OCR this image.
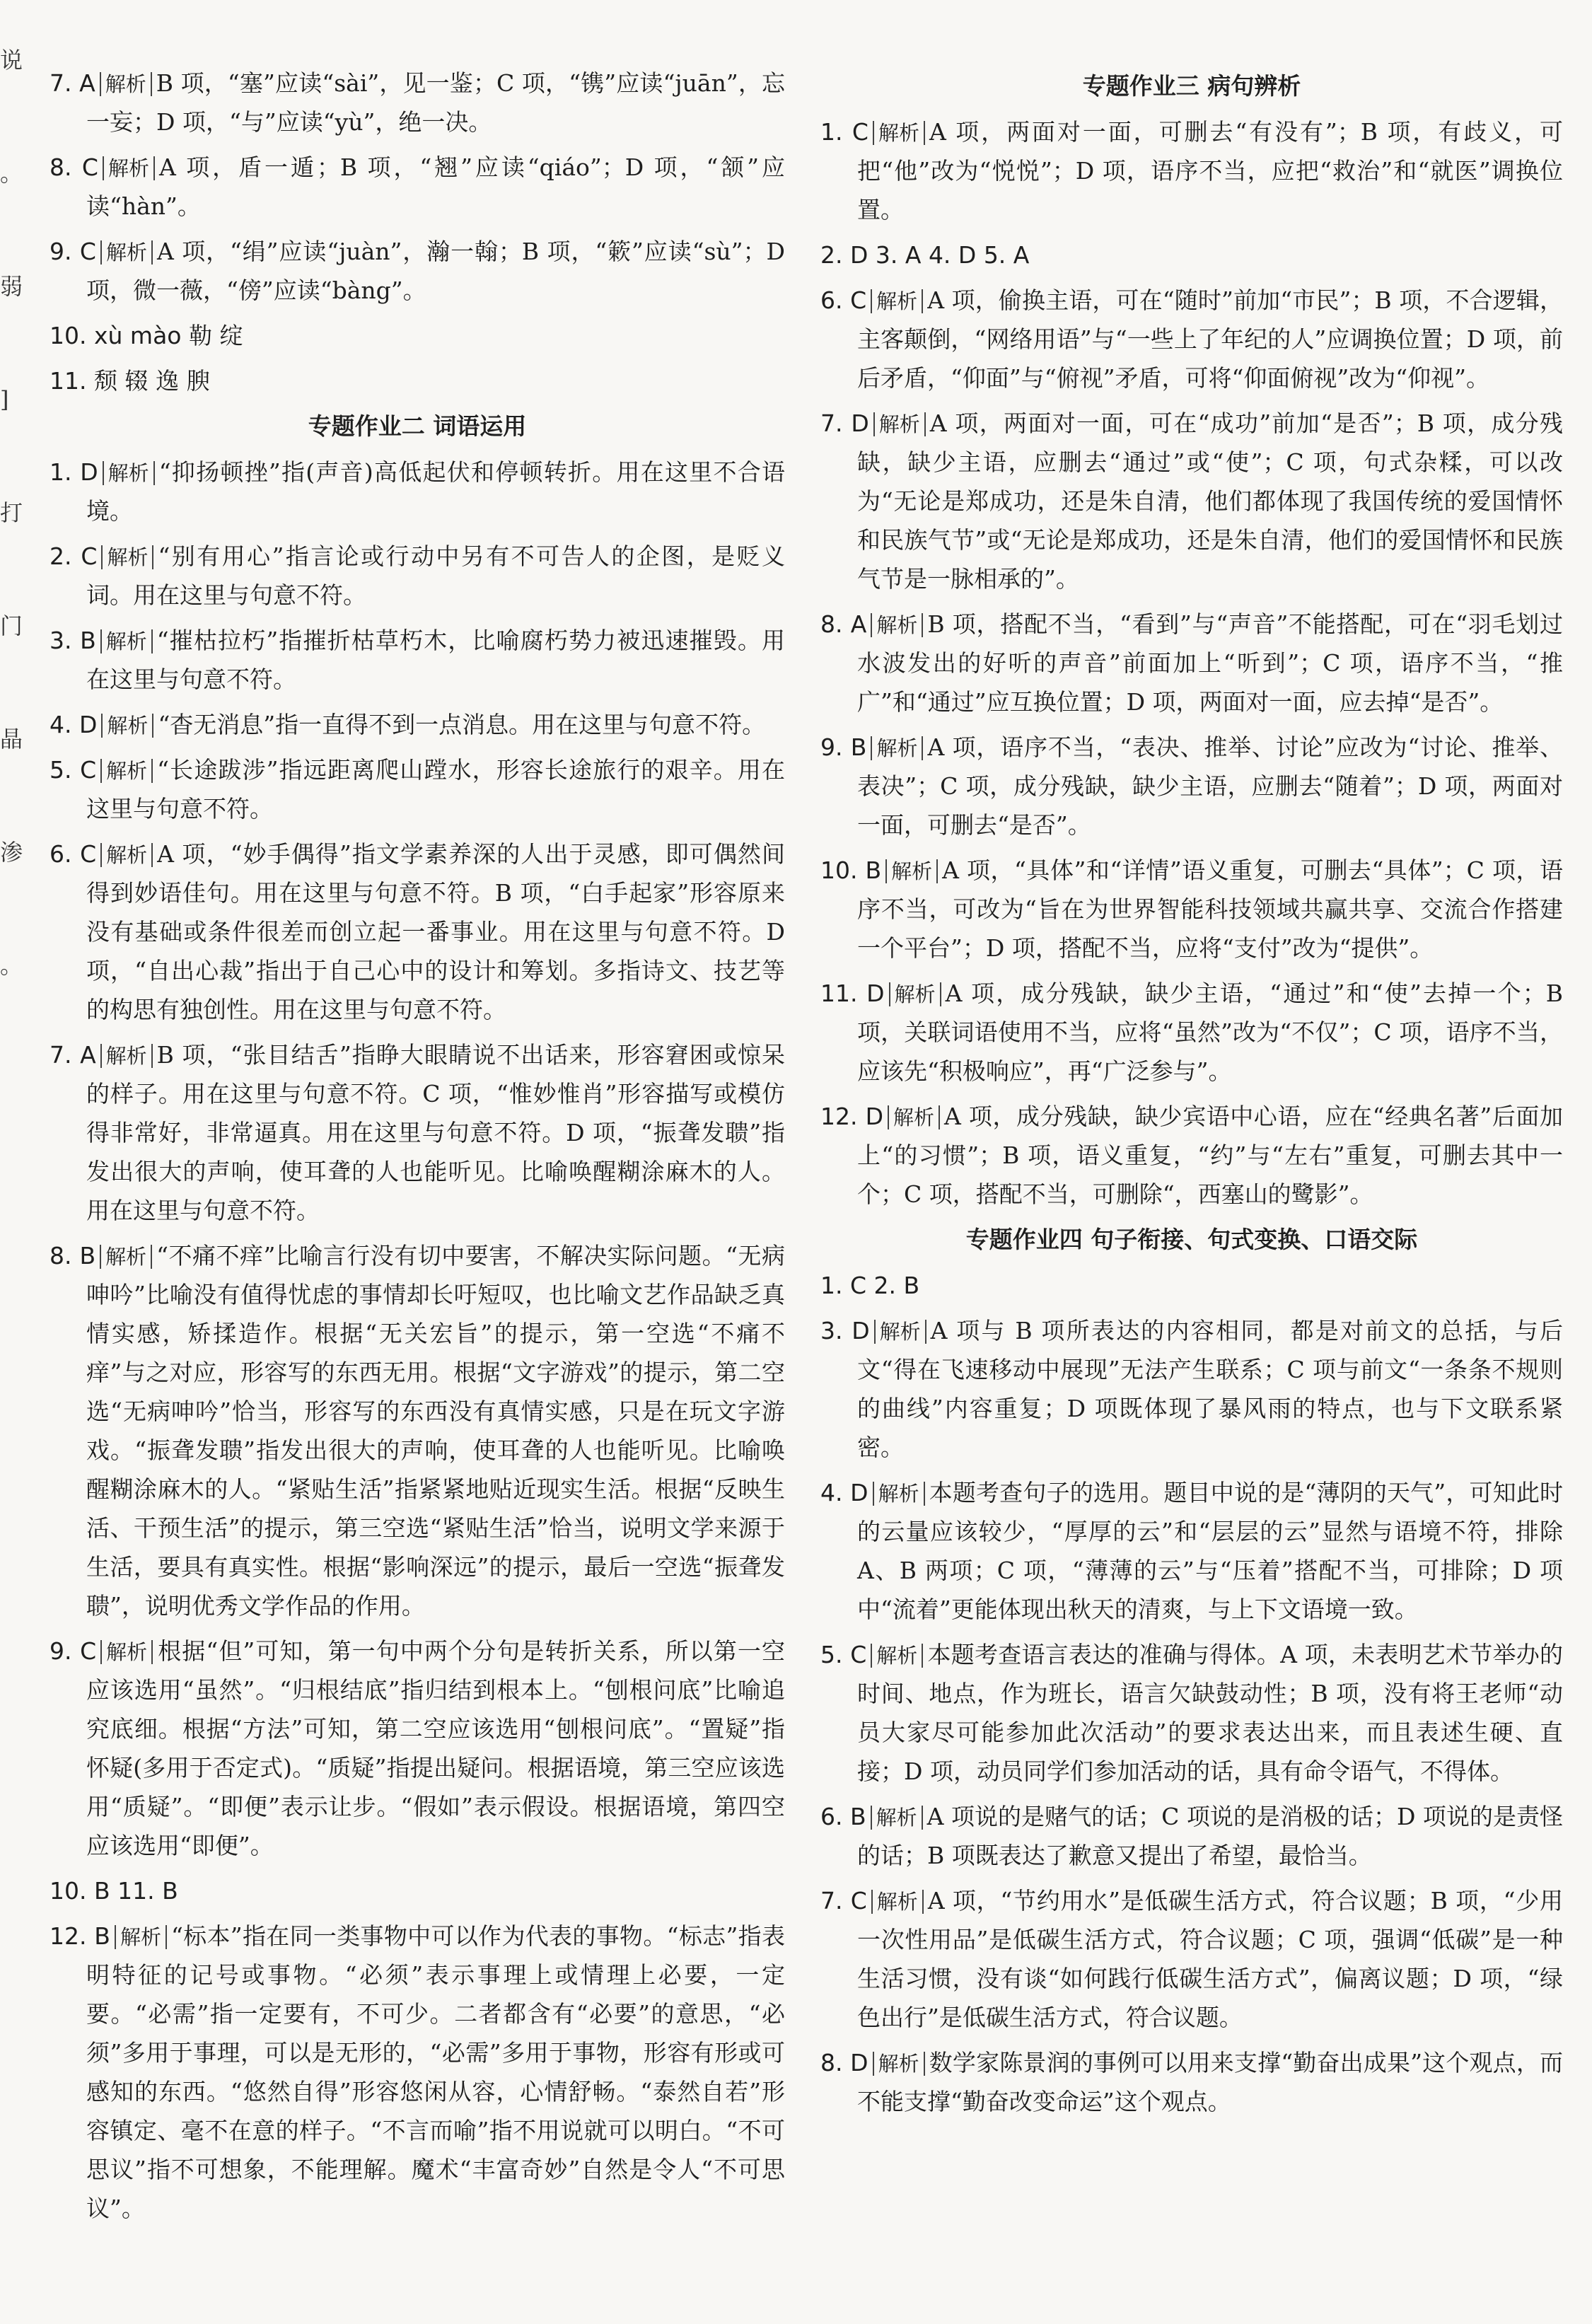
说
。
弱
]
打
门
晶
渗
。
7. A 解析 B 项，“塞”应读“sài”，见一鉴；C 项，“镌”应读“juān”，忘一妄；D 项，“与”应读“yù”，绝一决。
8. C 解析 A 项，盾一遁；B 项，“翘”应读“qiáo”；D 项，“颔”应读“hàn”。
9. C 解析 A 项，“绢”应读“juàn”，瀚一翰；B 项，“簌”应读“sù”；D 项，微一薇，“傍”应读“bàng”。
10. xù mào 勒 绽
11. 颓 辍 逸 腴
专题作业二 词语运用
1. D 解析 “抑扬顿挫”指(声音)高低起伏和停顿转折。用在这里不合语境。
2. C 解析 “别有用心”指言论或行动中另有不可告人的企图，是贬义词。用在这里与句意不符。
3. B 解析 “摧枯拉朽”指摧折枯草朽木，比喻腐朽势力被迅速摧毁。用在这里与句意不符。
4. D 解析 “杳无消息”指一直得不到一点消息。用在这里与句意不符。
5. C 解析 “长途跋涉”指远距离爬山蹚水，形容长途旅行的艰辛。用在这里与句意不符。
6. C 解析 A 项，“妙手偶得”指文学素养深的人出于灵感，即可偶然间得到妙语佳句。用在这里与句意不符。B 项，“白手起家”形容原来没有基础或条件很差而创立起一番事业。用在这里与句意不符。D 项，“自出心裁”指出于自己心中的设计和筹划。多指诗文、技艺等的构思有独创性。用在这里与句意不符。
7. A 解析 B 项，“张目结舌”指睁大眼睛说不出话来，形容窘困或惊呆的样子。用在这里与句意不符。C 项，“惟妙惟肖”形容描写或模仿得非常好，非常逼真。用在这里与句意不符。D 项，“振聋发聩”指发出很大的声响，使耳聋的人也能听见。比喻唤醒糊涂麻木的人。用在这里与句意不符。
8. B 解析 “不痛不痒”比喻言行没有切中要害，不解决实际问题。“无病呻吟”比喻没有值得忧虑的事情却长吁短叹，也比喻文艺作品缺乏真情实感，矫揉造作。根据“无关宏旨”的提示，第一空选“不痛不痒”与之对应，形容写的东西无用。根据“文字游戏”的提示，第二空选“无病呻吟”恰当，形容写的东西没有真情实感，只是在玩文字游戏。“振聋发聩”指发出很大的声响，使耳聋的人也能听见。比喻唤醒糊涂麻木的人。“紧贴生活”指紧紧地贴近现实生活。根据“反映生活、干预生活”的提示，第三空选“紧贴生活”恰当，说明文学来源于生活，要具有真实性。根据“影响深远”的提示，最后一空选“振聋发聩”，说明优秀文学作品的作用。
9. C 解析 根据“但”可知，第一句中两个分句是转折关系，所以第一空应该选用“虽然”。“归根结底”指归结到根本上。“刨根问底”比喻追究底细。根据“方法”可知，第二空应该选用“刨根问底”。“置疑”指怀疑(多用于否定式)。“质疑”指提出疑问。根据语境，第三空应该选用“质疑”。“即便”表示让步。“假如”表示假设。根据语境，第四空应该选用“即便”。
10. B 11. B
12. B 解析 “标本”指在同一类事物中可以作为代表的事物。“标志”指表明特征的记号或事物。“必须”表示事理上或情理上必要，一定要。“必需”指一定要有，不可少。二者都含有“必要”的意思，“必须”多用于事理，可以是无形的，“必需”多用于事物，形容有形或可感知的东西。“悠然自得”形容悠闲从容，心情舒畅。“泰然自若”形容镇定、毫不在意的样子。“不言而喻”指不用说就可以明白。“不可思议”指不可想象，不能理解。魔术“丰富奇妙”自然是令人“不可思议”。
专题作业三 病句辨析
1. C 解析 A 项，两面对一面，可删去“有没有”；B 项，有歧义，可把“他”改为“悦悦”；D 项，语序不当，应把“救治”和“就医”调换位置。
2. D 3. A 4. D 5. A
6. C 解析 A 项，偷换主语，可在“随时”前加“市民”；B 项，不合逻辑，主客颠倒，“网络用语”与“一些上了年纪的人”应调换位置；D 项，前后矛盾，“仰面”与“俯视”矛盾，可将“仰面俯视”改为“仰视”。
7. D 解析 A 项，两面对一面，可在“成功”前加“是否”；B 项，成分残缺，缺少主语，应删去“通过”或“使”；C 项，句式杂糅，可以改为“无论是郑成功，还是朱自清，他们都体现了我国传统的爱国情怀和民族气节”或“无论是郑成功，还是朱自清，他们的爱国情怀和民族气节是一脉相承的”。
8. A 解析 B 项，搭配不当，“看到”与“声音”不能搭配，可在“羽毛划过水波发出的好听的声音”前面加上“听到”；C 项，语序不当，“推广”和“通过”应互换位置；D 项，两面对一面，应去掉“是否”。
9. B 解析 A 项，语序不当，“表决、推举、讨论”应改为“讨论、推举、表决”；C 项，成分残缺，缺少主语，应删去“随着”；D 项，两面对一面，可删去“是否”。
10. B 解析 A 项，“具体”和“详情”语义重复，可删去“具体”；C 项，语序不当，可改为“旨在为世界智能科技领域共赢共享、交流合作搭建一个平台”；D 项，搭配不当，应将“支付”改为“提供”。
11. D 解析 A 项，成分残缺，缺少主语，“通过”和“使”去掉一个；B 项，关联词语使用不当，应将“虽然”改为“不仅”；C 项，语序不当，应该先“积极响应”，再“广泛参与”。
12. D 解析 A 项，成分残缺，缺少宾语中心语，应在“经典名著”后面加上“的习惯”；B 项，语义重复，“约”与“左右”重复，可删去其中一个；C 项，搭配不当，可删除“，西塞山的鹭影”。
专题作业四 句子衔接、句式变换、口语交际
1. C 2. B
3. D 解析 A 项与 B 项所表达的内容相同，都是对前文的总括，与后文“得在飞速移动中展现”无法产生联系；C 项与前文“一条条不规则的曲线”内容重复；D 项既体现了暴风雨的特点，也与下文联系紧密。
4. D 解析 本题考查句子的选用。题目中说的是“薄阴的天气”，可知此时的云量应该较少，“厚厚的云”和“层层的云”显然与语境不符，排除 A、B 两项；C 项，“薄薄的云”与“压着”搭配不当，可排除；D 项中“流着”更能体现出秋天的清爽，与上下文语境一致。
5. C 解析 本题考查语言表达的准确与得体。A 项，未表明艺术节举办的时间、地点，作为班长，语言欠缺鼓动性；B 项，没有将王老师“动员大家尽可能参加此次活动”的要求表达出来，而且表述生硬、直接；D 项，动员同学们参加活动的话，具有命令语气，不得体。
6. B 解析 A 项说的是赌气的话；C 项说的是消极的话；D 项说的是责怪的话；B 项既表达了歉意又提出了希望，最恰当。
7. C 解析 A 项，“节约用水”是低碳生活方式，符合议题；B 项，“少用一次性用品”是低碳生活方式，符合议题；C 项，强调“低碳”是一种生活习惯，没有谈“如何践行低碳生活方式”，偏离议题；D 项，“绿色出行”是低碳生活方式，符合议题。
8. D 解析 数学家陈景润的事例可以用来支撑“勤奋出成果”这个观点，而不能支撑“勤奋改变命运”这个观点。
